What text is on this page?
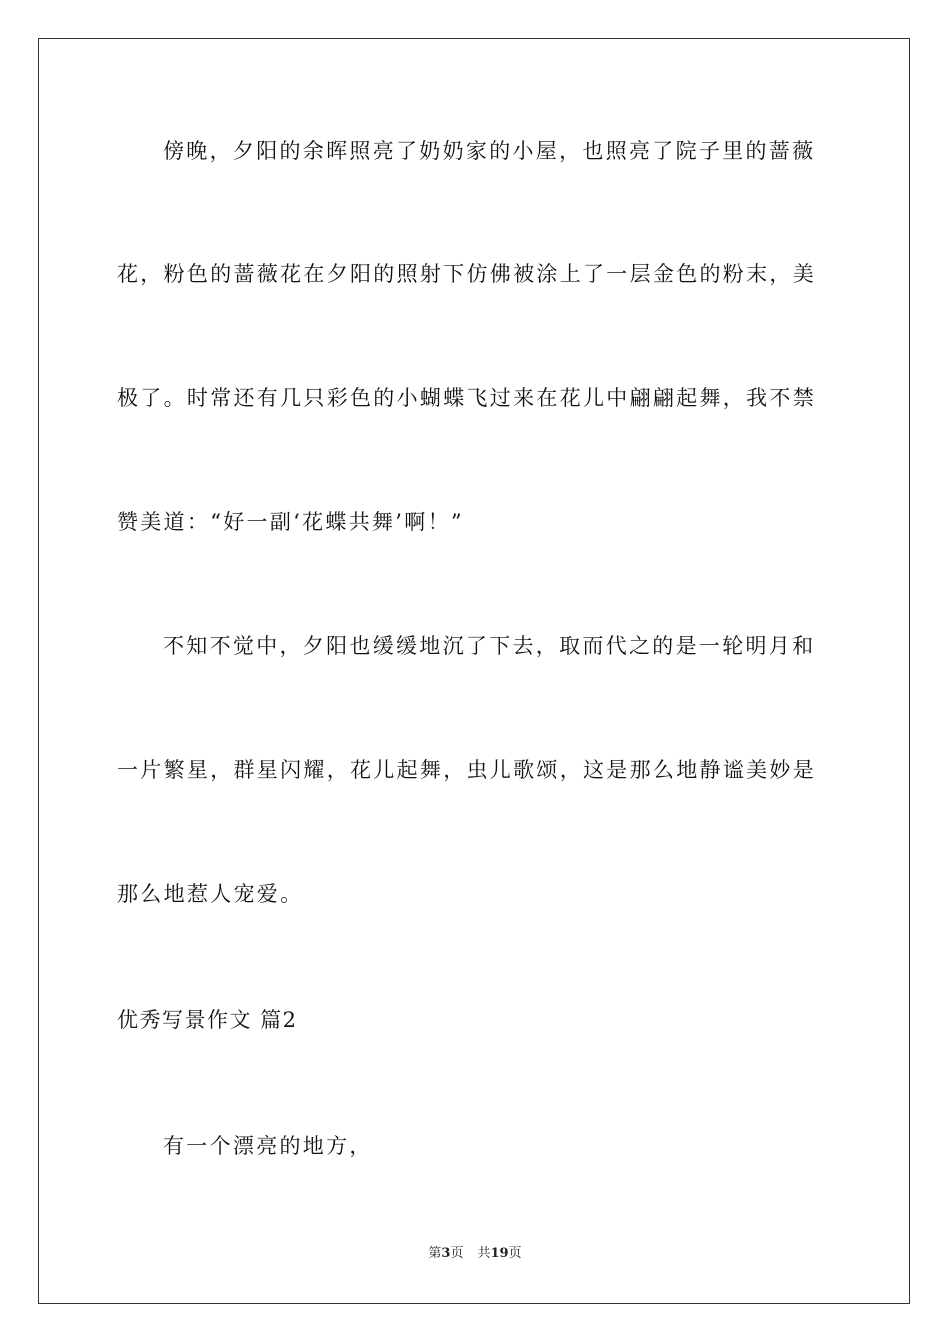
傍晚，夕阳的余晖照亮了奶奶家的小屋，也照亮了院子里的蔷薇
花，粉色的蔷薇花在夕阳的照射下仿佛被涂上了一层金色的粉末，美
极了。时常还有几只彩色的小蝴蝶飞过来在花儿中翩翩起舞，我不禁
赞美道：“好一副‘花蝶共舞’啊！”
不知不觉中，夕阳也缓缓地沉了下去，取而代之的是一轮明月和
一片繁星，群星闪耀，花儿起舞，虫儿歌颂，这是那么地静谧美妙是
那么地惹人宠爱。
优秀写景作文 篇2
有一个漂亮的地方，
第3页 共19页
